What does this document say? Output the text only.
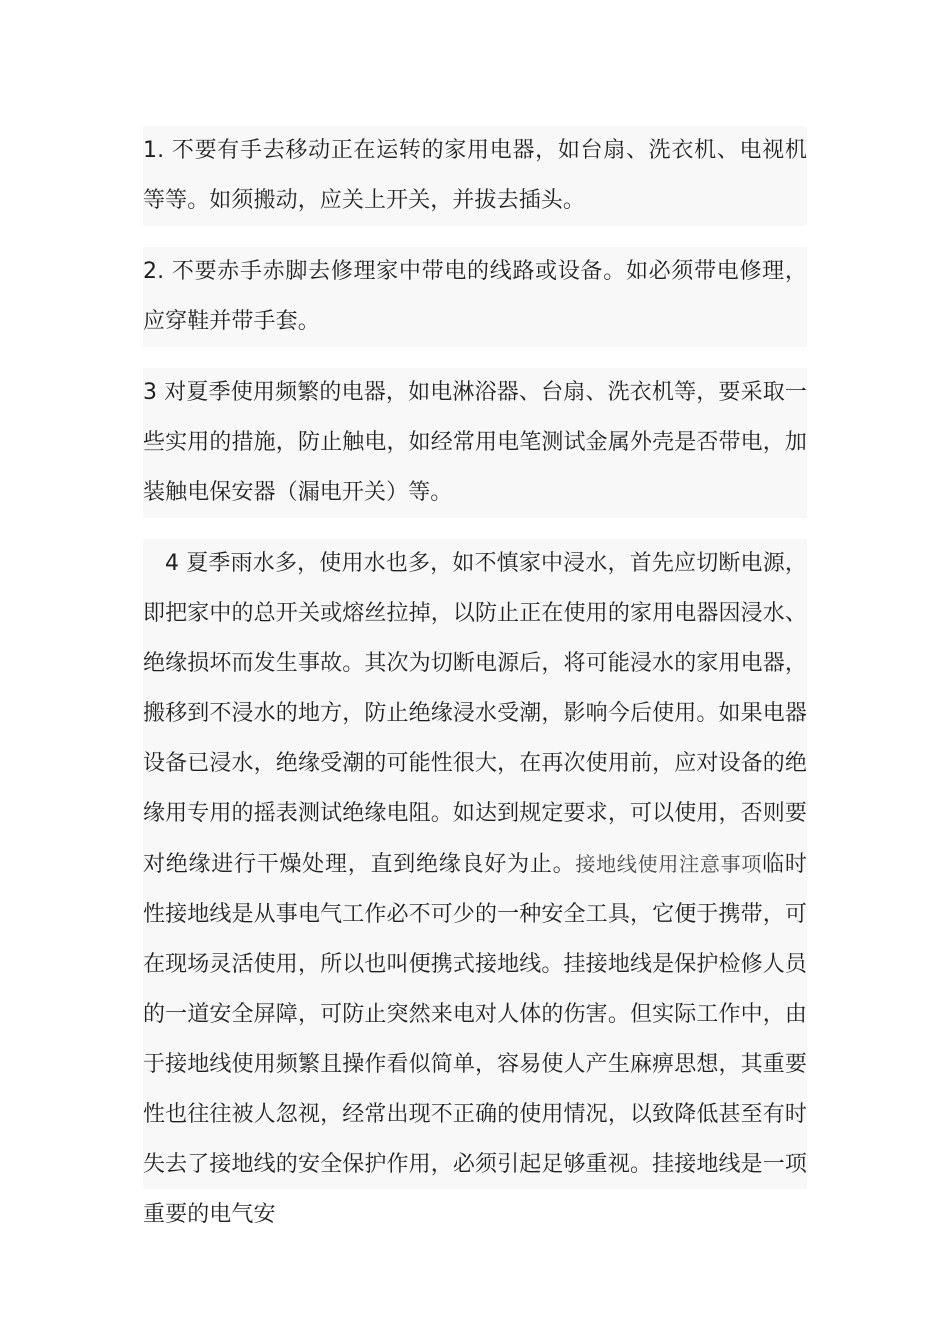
1. 不要有手去移动正在运转的家用电器，如台扇、洗衣机、电视机等等。如须搬动，应关上开关，并拔去插头。

2. 不要赤手赤脚去修理家中带电的线路或设备。如必须带电修理，应穿鞋并带手套。

3 对夏季使用频繁的电器，如电淋浴器、台扇、洗衣机等，要采取一些实用的措施，防止触电，如经常用电笔测试金属外壳是否带电，加装触电保安器（漏电开关）等。

4 夏季雨水多，使用水也多，如不慎家中浸水，首先应切断电源，即把家中的总开关或熔丝拉掉，以防止正在使用的家用电器因浸水、绝缘损坏而发生事故。其次为切断电源后，将可能浸水的家用电器，搬移到不浸水的地方，防止绝缘浸水受潮，影响今后使用。如果电器设备已浸水，绝缘受潮的可能性很大，在再次使用前，应对设备的绝缘用专用的摇表测试绝缘电阻。如达到规定要求，可以使用，否则要对绝缘进行干燥处理，直到绝缘良好为止。接地线使用注意事项临时性接地线是从事电气工作必不可少的一种安全工具，它便于携带，可在现场灵活使用，所以也叫便携式接地线。挂接地线是保护检修人员的一道安全屏障，可防止突然来电对人体的伤害。但实际工作中，由于接地线使用频繁且操作看似简单，容易使人产生麻痹思想，其重要性也往往被人忽视，经常出现不正确的使用情况，以致降低甚至有时失去了接地线的安全保护作用，必须引起足够重视。挂接地线是一项重要的电气安
